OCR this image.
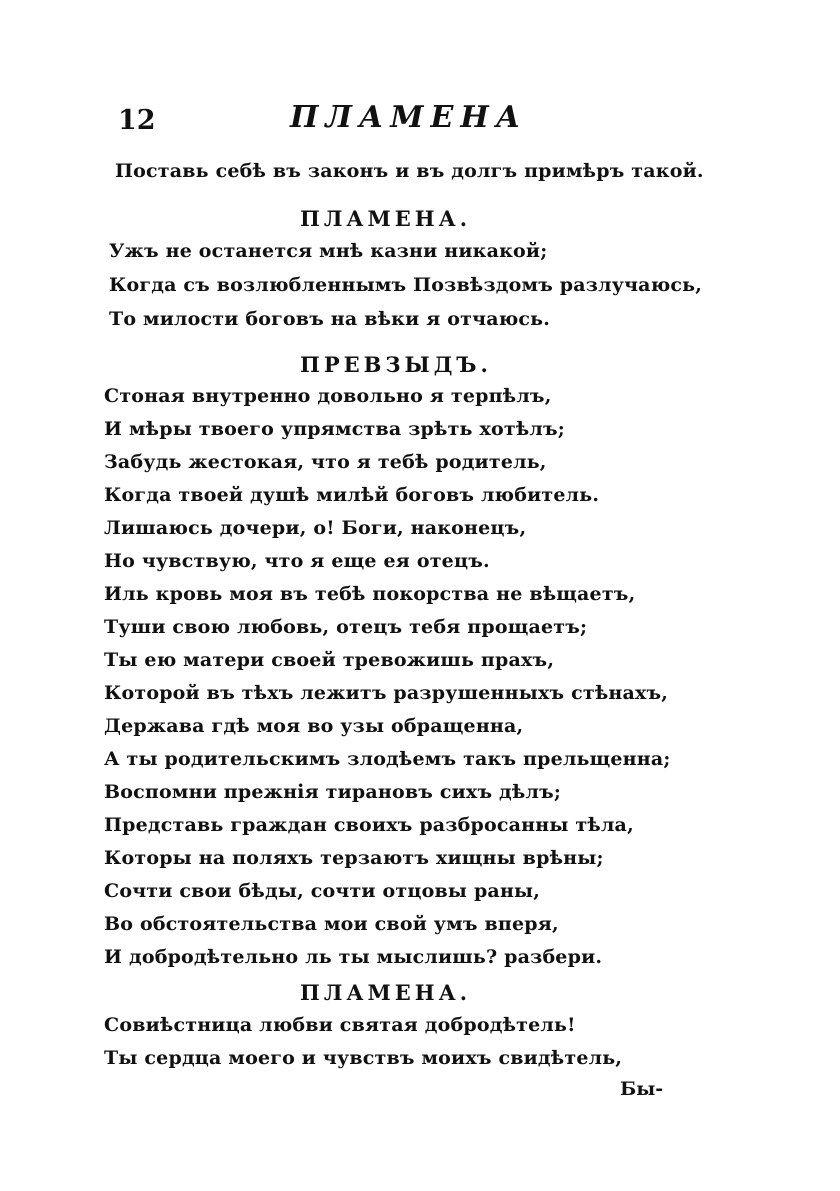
12	ПЛАМЕНА
Поставь себѣ въ законъ и въ долгъ примѣръ такой.
ПЛАМЕНА.
Ужъ не останется мнѣ казни никакой;
Когда съ возлюбленнымъ Позвѣздомъ разлучаюсь,
То милости боговъ на вѣки я отчаюсь.
ПРЕВЗЫДЪ.
Стоная внутренно довольно я терпѣлъ,
И мѣры твоего упрямства зрѣть хотѣлъ;
Забудь жестокая, что я тебѣ родитель,
Когда твоей душѣ милѣй боговъ любитель.
Лишаюсь дочери, о! Боги, наконецъ,
Но чувствую, что я еще ея отецъ.
Иль кровь моя въ тебѣ покорства не вѣщаетъ,
Туши свою любовь, отецъ тебя прощаетъ;
Ты ею матери своей тревожишь прахъ,
Которой въ тѣхъ лежитъ разрушенныхъ стѣнахъ,
Держава гдѣ моя во узы обращенна,
А ты родительскимъ злодѣемъ такъ прельщенна;
Воспомни прежнія тирановъ сихъ дѣлъ;
Представь граждан своихъ разбросанны тѣла,
Которы на поляхъ терзаютъ хищны врѣны;
Сочти свои бѣды, сочти отцовы раны,
Во обстоятельства мои свой умъ вперя,
И добродѣтельно ль ты мыслишь? разбери.
ПЛАМЕНА.
Совиѣстница любви святая добродѣтель!
Ты сердца моего и чувствъ моихъ свидѣтель,
Бы-
